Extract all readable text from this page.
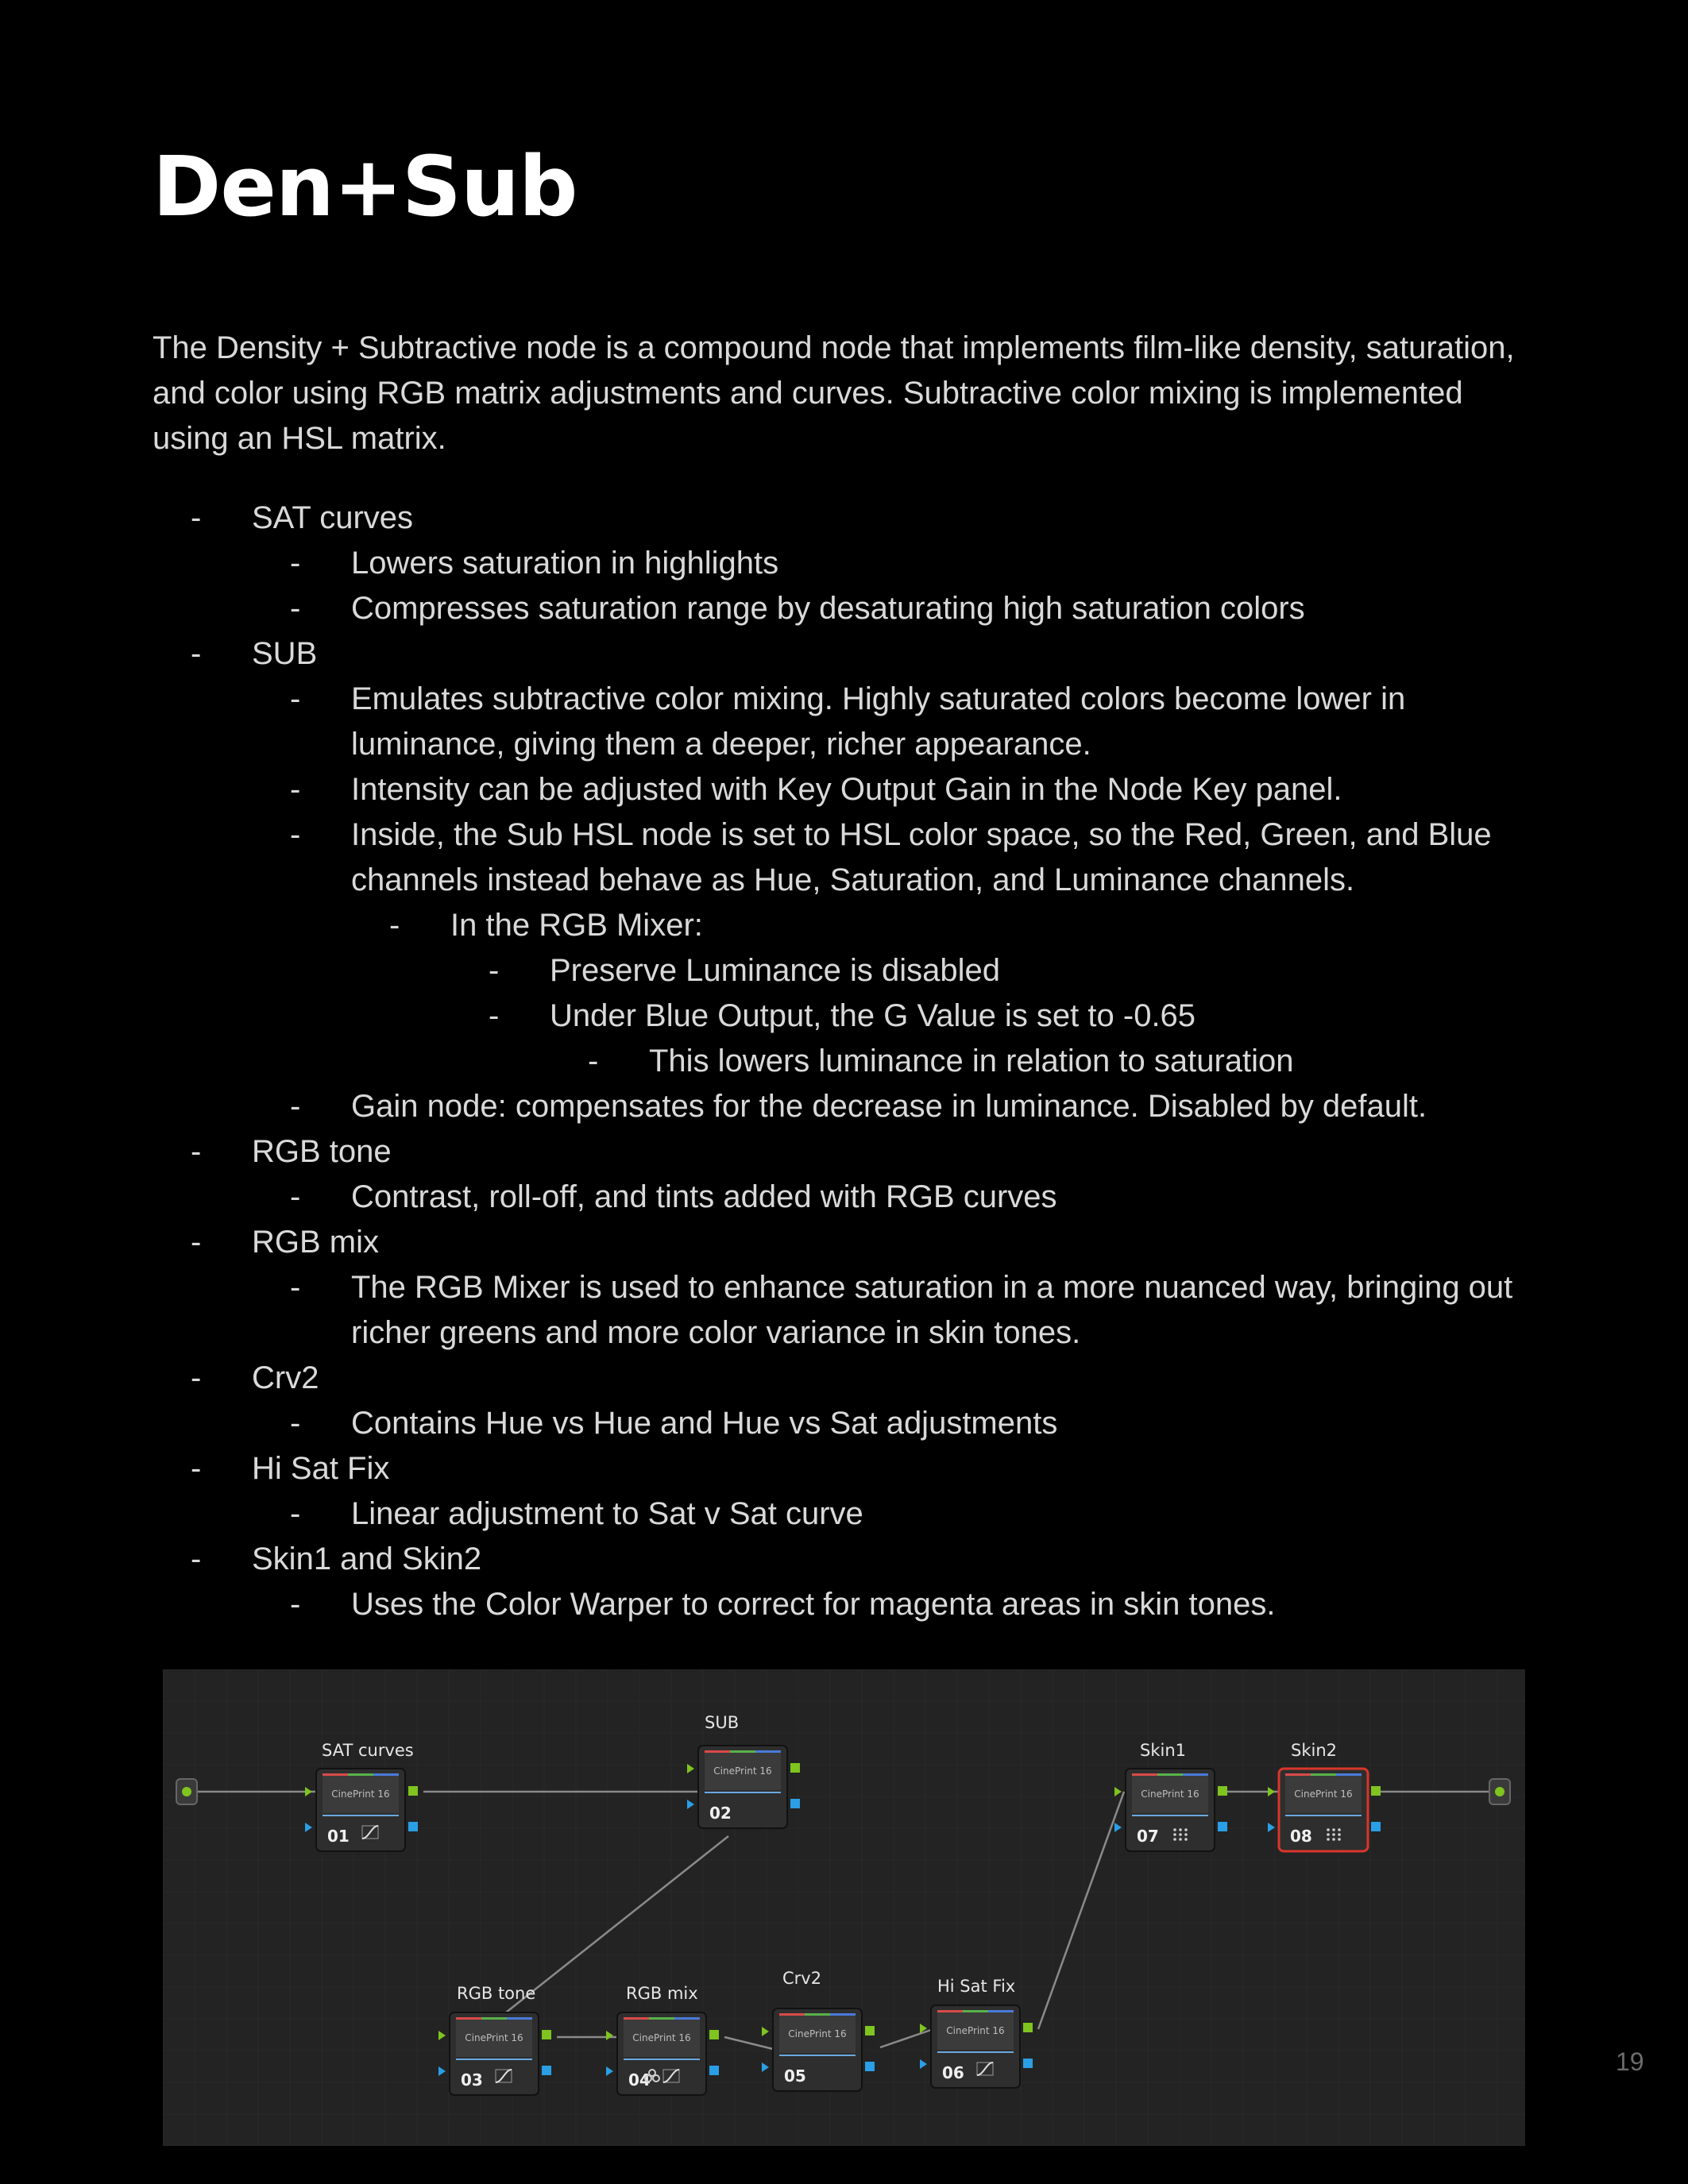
Den+Sub

The Density + Subtractive node is a compound node that implements film-like density, saturation, and color using RGB matrix adjustments and curves. Subtractive color mixing is implemented using an HSL matrix.

- SAT curves
- Lowers saturation in highlights
- Compresses saturation range by desaturating high saturation colors
- SUB
- Emulates subtractive color mixing. Highly saturated colors become lower in luminance, giving them a deeper, richer appearance.
- Intensity can be adjusted with Key Output Gain in the Node Key panel.
- Inside, the Sub HSL node is set to HSL color space, so the Red, Green, and Blue channels instead behave as Hue, Saturation, and Luminance channels.
- In the RGB Mixer:
- Preserve Luminance is disabled
- Under Blue Output, the G Value is set to -0.65
- This lowers luminance in relation to saturation
- Gain node: compensates for the decrease in luminance. Disabled by default.
- RGB tone
- Contrast, roll-off, and tints added with RGB curves
- RGB mix
- The RGB Mixer is used to enhance saturation in a more nuanced way, bringing out richer greens and more color variance in skin tones.
- Crv2
- Contains Hue vs Hue and Hue vs Sat adjustments
- Hi Sat Fix
- Linear adjustment to Sat v Sat curve
- Skin1 and Skin2
- Uses the Color Warper to correct for magenta areas in skin tones.
SAT curves
CinePrint 16
01
SUB
CinePrint 16
02
RGB tone
CinePrint 16
03
RGB mix
CinePrint 16
04
Crv2
CinePrint 16
05
Hi Sat Fix
CinePrint 16
06
Skin1
CinePrint 16
07
Skin2
CinePrint 16
08
19
